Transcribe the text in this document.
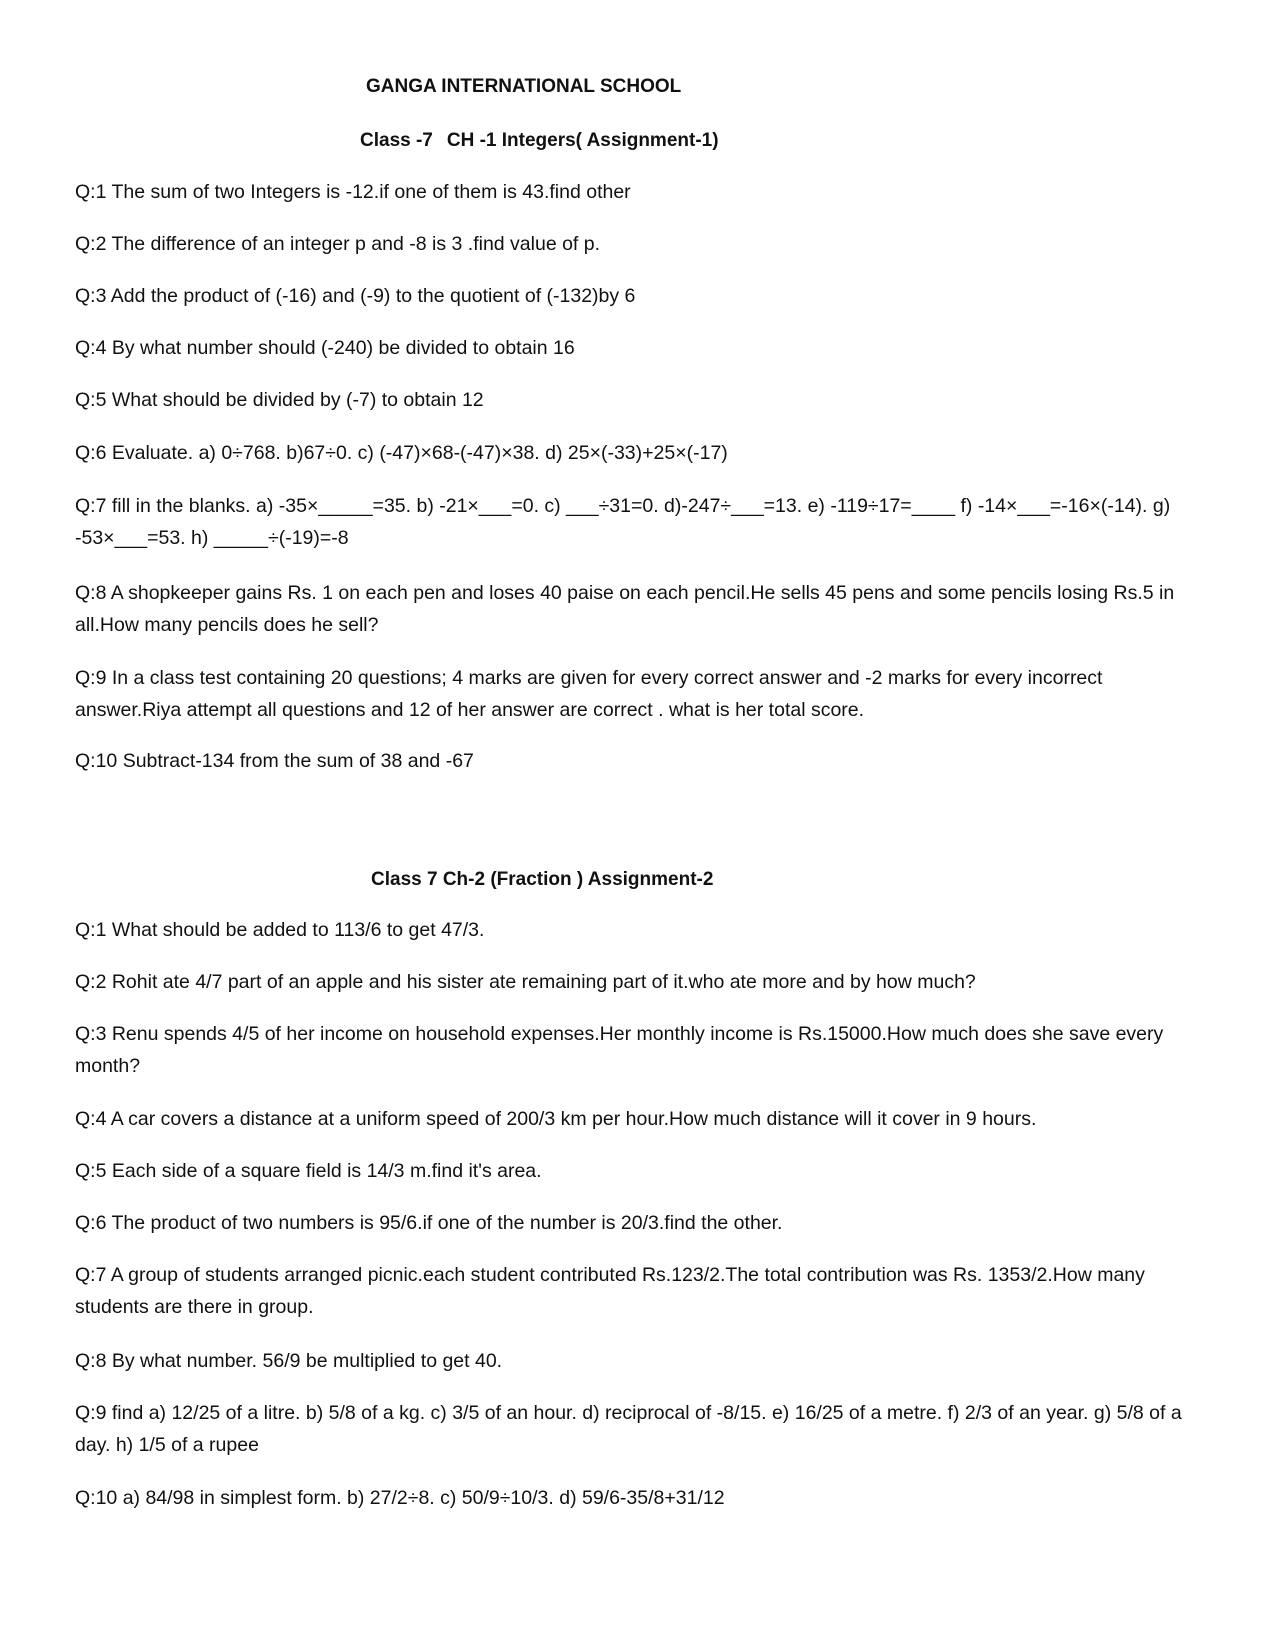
GANGA INTERNATIONAL SCHOOL
Class -7 CH -1 Integers( Assignment-1)

Q:1 The sum of two Integers is -12.if one of them is 43.find other

Q:2 The difference of an integer p and -8 is 3 .find value of p.

Q:3 Add the product of (-16) and (-9) to the quotient of (-132)by 6

Q:4 By what number should (-240) be divided to obtain 16

Q:5 What should be divided by (-7) to obtain 12

Q:6 Evaluate. a) 0÷768. b)67÷0. c) (-47)×68-(-47)×38. d) 25×(-33)+25×(-17)

Q:7 fill in the blanks. a) -35×_____=35. b) -21×___=0. c) ___÷31=0. d)-247÷___=13. e) -119÷17=____ f) -14×___=-16×(-14). g) -53×___=53. h) _____÷(-19)=-8

Q:8 A shopkeeper gains Rs. 1 on each pen and loses 40 paise on each pencil.He sells 45 pens and some pencils losing Rs.5 in all.How many pencils does he sell?

Q:9 In a class test containing 20 questions; 4 marks are given for every correct answer and -2 marks for every incorrect answer.Riya attempt all questions and 12 of her answer are correct . what is her total score.

Q:10 Subtract-134 from the sum of 38 and -67

Class 7 Ch-2 (Fraction ) Assignment-2

Q:1 What should be added to 113/6 to get 47/3.

Q:2 Rohit ate 4/7 part of an apple and his sister ate remaining part of it.who ate more and by how much?

Q:3 Renu spends 4/5 of her income on household expenses.Her monthly income is Rs.15000.How much does she save every month?

Q:4 A car covers a distance at a uniform speed of 200/3 km per hour.How much distance will it cover in 9 hours.

Q:5 Each side of a square field is 14/3 m.find it's area.

Q:6 The product of two numbers is 95/6.if one of the number is 20/3.find the other.

Q:7 A group of students arranged picnic.each student contributed Rs.123/2.The total contribution was Rs. 1353/2.How many students are there in group.

Q:8 By what number. 56/9 be multiplied to get 40.

Q:9 find a) 12/25 of a litre. b) 5/8 of a kg. c) 3/5 of an hour. d) reciprocal of -8/15. e) 16/25 of a metre. f) 2/3 of an year. g) 5/8 of a day. h) 1/5 of a rupee

Q:10 a) 84/98 in simplest form. b) 27/2÷8. c) 50/9÷10/3. d) 59/6-35/8+31/12
